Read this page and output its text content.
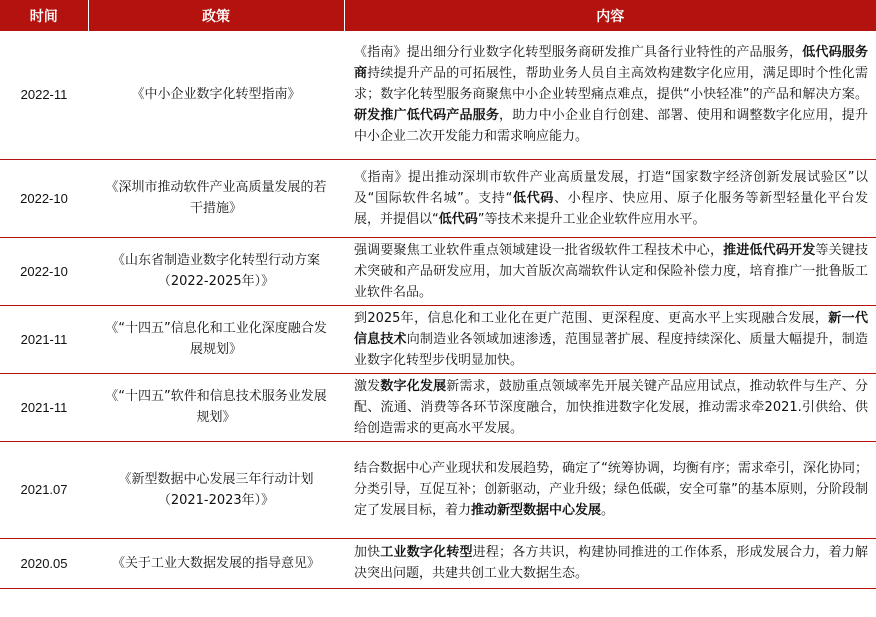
时间	政策	内容
2022-11	《中小企业数字化转型指南》	《指南》提出细分行业数字化转型服务商研发推广具备行业特性的产品服务，低代码服务商持续提升产品的可拓展性，帮助业务人员自主高效构建数字化应用，满足即时个性化需求；数字化转型服务商聚焦中小企业转型痛点难点，提供“小快轻准”的产品和解决方案。研发推广低代码产品服务，助力中小企业自行创建、部署、使用和调整数字化应用，提升中小企业二次开发能力和需求响应能力。
2022-10	《深圳市推动软件产业高质量发展的若干措施》	《指南》提出推动深圳市软件产业高质量发展，打造“国家数字经济创新发展试验区”以及“国际软件名城”。支持“低代码、小程序、快应用、原子化服务等新型轻量化平台发展，并提倡以“低代码”等技术来提升工业企业软件应用水平。
2022-10	《山东省制造业数字化转型行动方案（2022-2025年）》	强调要聚焦工业软件重点领域建设一批省级软件工程技术中心，推进低代码开发等关键技术突破和产品研发应用，加大首版次高端软件认定和保险补偿力度，培育推广一批鲁版工业软件名品。
2021-11	《“十四五”信息化和工业化深度融合发展规划》	到2025年，信息化和工业化在更广范围、更深程度、更高水平上实现融合发展，新一代信息技术向制造业各领域加速渗透，范围显著扩展、程度持续深化、质量大幅提升，制造业数字化转型步伐明显加快。
2021-11	《“十四五”软件和信息技术服务业发展规划》	激发数字化发展新需求，鼓励重点领域率先开展关键产品应用试点，推动软件与生产、分配、流通、消费等各环节深度融合，加快推进数字化发展，推动需求牵2021.引供给、供给创造需求的更高水平发展。
2021.07	《新型数据中心发展三年行动计划（2021-2023年）》	结合数据中心产业现状和发展趋势，确定了“统筹协调，均衡有序；需求牵引，深化协同；分类引导，互促互补；创新驱动，产业升级；绿色低碳，安全可靠”的基本原则，分阶段制定了发展目标，着力推动新型数据中心发展。
2020.05	《关于工业大数据发展的指导意见》	加快工业数字化转型进程；各方共识，构建协同推进的工作体系，形成发展合力，着力解决突出问题，共建共创工业大数据生态。
